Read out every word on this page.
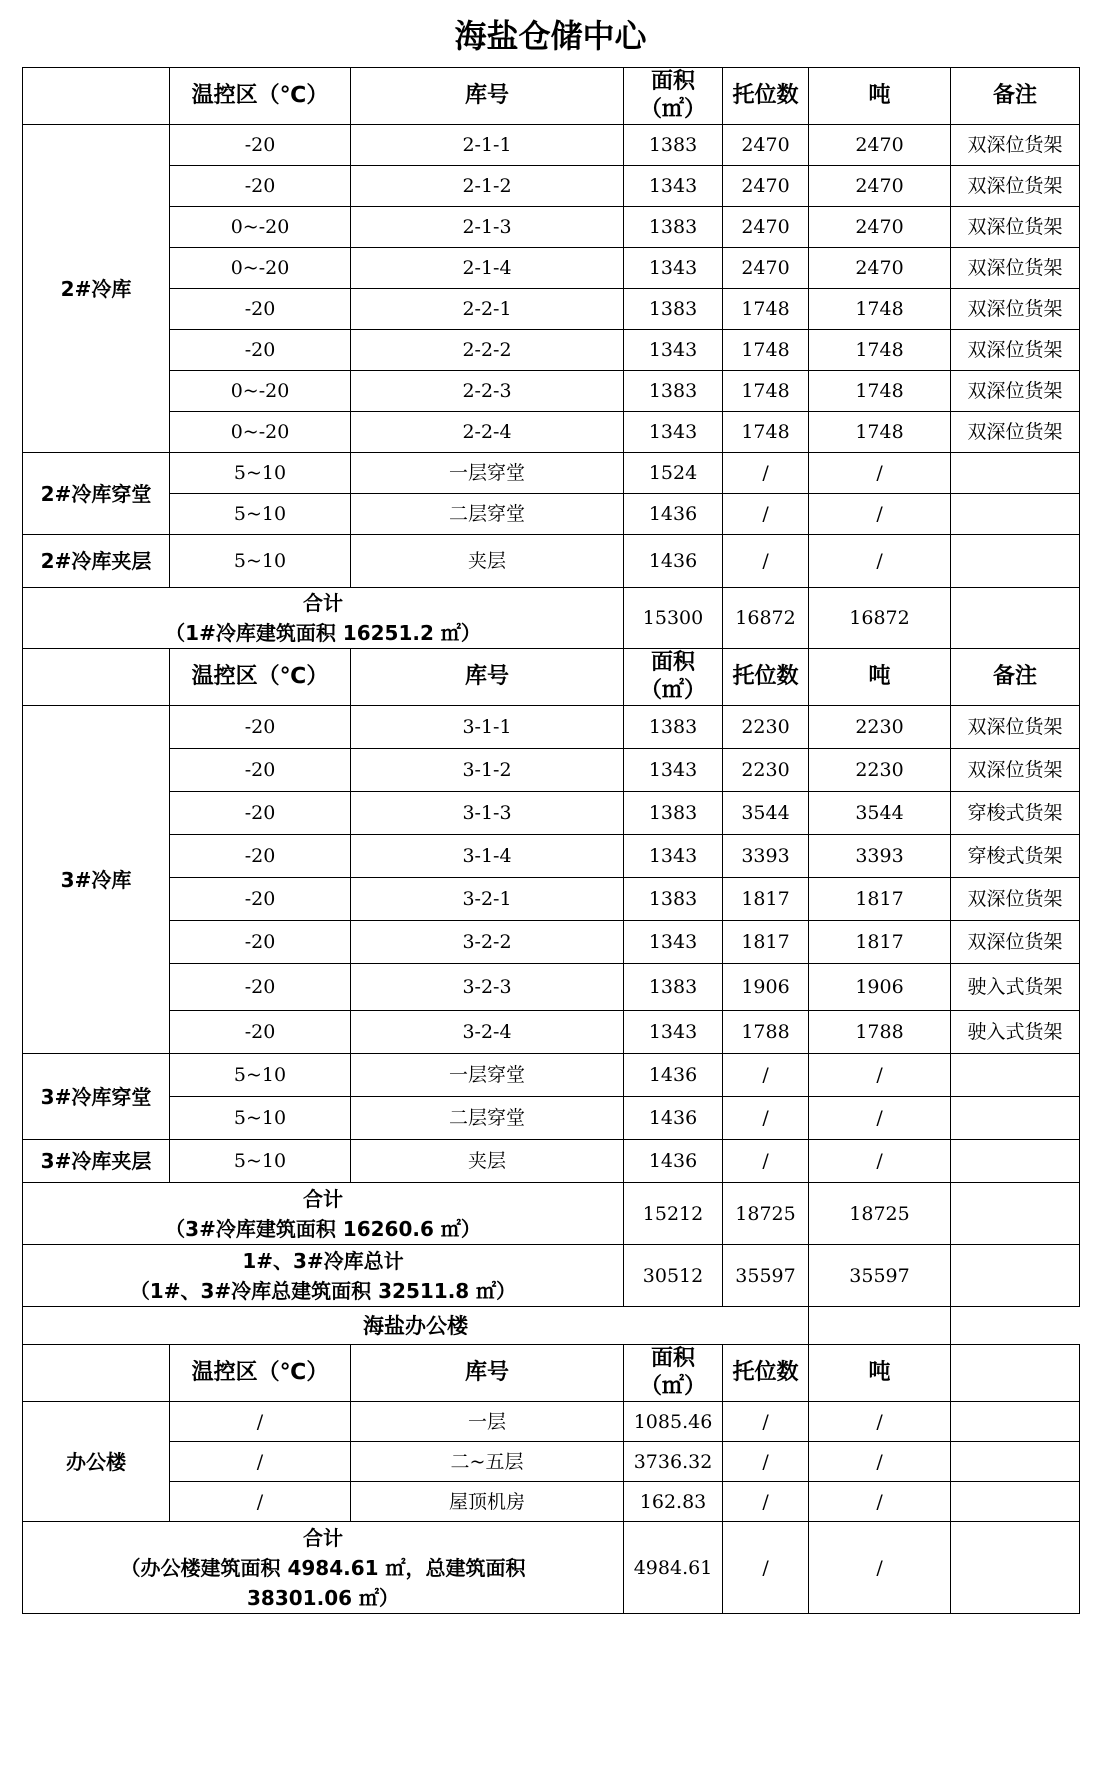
海盐仓储中心
	温控区（℃）	库号	面积（㎡）	托位数	吨	备注
2#冷库	-20	2-1-1	1383	2470	2470	双深位货架
	-20	2-1-2	1343	2470	2470	双深位货架
	0~-20	2-1-3	1383	2470	2470	双深位货架
	0~-20	2-1-4	1343	2470	2470	双深位货架
	-20	2-2-1	1383	1748	1748	双深位货架
	-20	2-2-2	1343	1748	1748	双深位货架
	0~-20	2-2-3	1383	1748	1748	双深位货架
	0~-20	2-2-4	1343	1748	1748	双深位货架
2#冷库穿堂	5~10	一层穿堂	1524	/	/	
	5~10	二层穿堂	1436	/	/	
2#冷库夹层	5~10	夹层	1436	/	/	

合计
（1#冷库建筑面积 16251.2 ㎡）			15300	16872	16872	
	温控区（℃）	库号	面积（㎡）	托位数	吨	备注
3#冷库	-20	3-1-1	1383	2230	2230	双深位货架
	-20	3-1-2	1343	2230	2230	双深位货架
	-20	3-1-3	1383	3544	3544	穿梭式货架
	-20	3-1-4	1343	3393	3393	穿梭式货架
	-20	3-2-1	1383	1817	1817	双深位货架
	-20	3-2-2	1343	1817	1817	双深位货架
	-20	3-2-3	1383	1906	1906	驶入式货架
	-20	3-2-4	1343	1788	1788	驶入式货架
3#冷库穿堂	5~10	一层穿堂	1436	/	/	
	5~10	二层穿堂	1436	/	/	
3#冷库夹层	5~10	夹层	1436	/	/	

合计
（3#冷库建筑面积 16260.6 ㎡）			15212	18725	18725	

1#、3#冷库总计
（1#、3#冷库总建筑面积 32511.8 ㎡）			30512	35597	35597	
海盐办公楼						
	温控区（℃）	库号	面积（㎡）	托位数	吨	
办公楼	/	一层	1085.46	/	/	
	/	二~五层	3736.32	/	/	
	/	屋顶机房	162.83	/	/	

合计
（办公楼建筑面积 4984.61 ㎡，总建筑面积
38301.06 ㎡）			4984.61	/	/	
